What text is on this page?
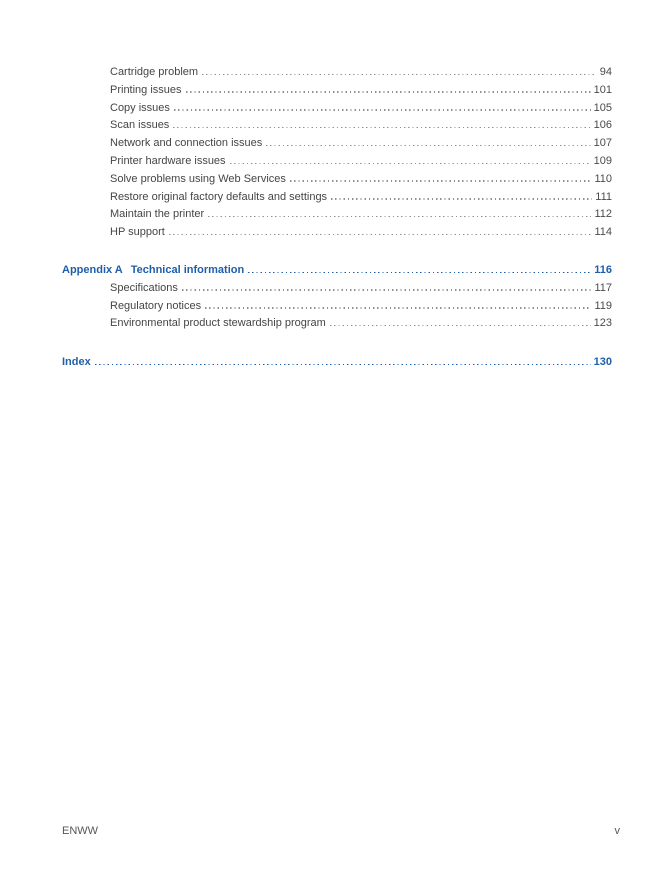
Cartridge problem	94
Printing issues	101
Copy issues	105
Scan issues	106
Network and connection issues	107
Printer hardware issues	109
Solve problems using Web Services	110
Restore original factory defaults and settings	111
Maintain the printer	112
HP support	114
Appendix A Technical information	116
Specifications	117
Regulatory notices	119
Environmental product stewardship program	123
Index	130
ENWW	v
